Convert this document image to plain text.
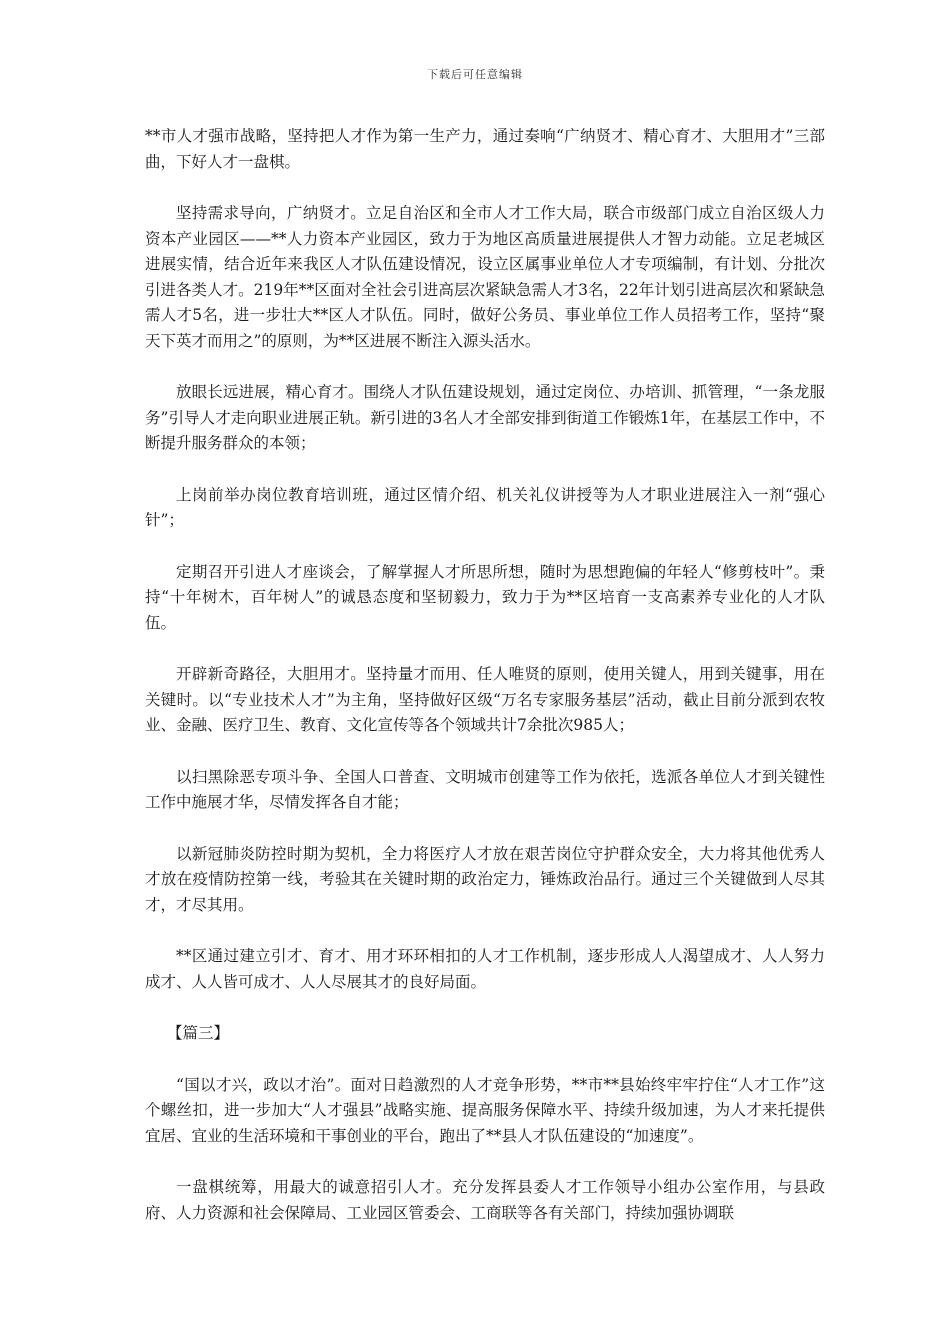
下载后可任意编辑

**市人才强市战略，坚持把人才作为第一生产力，通过奏响“广纳贤才、精心育才、大胆用才”三部曲，下好人才一盘棋。

坚持需求导向，广纳贤才。立足自治区和全市人才工作大局，联合市级部门成立自治区级人力资本产业园区——**人力资本产业园区，致力于为地区高质量进展提供人才智力动能。立足老城区进展实情，结合近年来我区人才队伍建设情况，设立区属事业单位人才专项编制，有计划、分批次引进各类人才。219年**区面对全社会引进高层次紧缺急需人才3名，22年计划引进高层次和紧缺急需人才5名，进一步壮大**区人才队伍。同时，做好公务员、事业单位工作人员招考工作，坚持“聚天下英才而用之”的原则，为**区进展不断注入源头活水。

放眼长远进展，精心育才。围绕人才队伍建设规划，通过定岗位、办培训、抓管理，“一条龙服务”引导人才走向职业进展正轨。新引进的3名人才全部安排到街道工作锻炼1年，在基层工作中，不断提升服务群众的本领；

上岗前举办岗位教育培训班，通过区情介绍、机关礼仪讲授等为人才职业进展注入一剂“强心针”；

定期召开引进人才座谈会，了解掌握人才所思所想，随时为思想跑偏的年轻人“修剪枝叶”。秉持“十年树木，百年树人”的诚恳态度和坚韧毅力，致力于为**区培育一支高素养专业化的人才队伍。

开辟新奇路径，大胆用才。坚持量才而用、任人唯贤的原则，使用关键人，用到关键事，用在关键时。以“专业技术人才”为主角，坚持做好区级“万名专家服务基层”活动，截止目前分派到农牧业、金融、医疗卫生、教育、文化宣传等各个领域共计7余批次985人；

以扫黑除恶专项斗争、全国人口普查、文明城市创建等工作为依托，选派各单位人才到关键性工作中施展才华，尽情发挥各自才能；

以新冠肺炎防控时期为契机，全力将医疗人才放在艰苦岗位守护群众安全，大力将其他优秀人才放在疫情防控第一线，考验其在关键时期的政治定力，锤炼政治品行。通过三个关键做到人尽其才，才尽其用。

**区通过建立引才、育才、用才环环相扣的人才工作机制，逐步形成人人渴望成才、人人努力成才、人人皆可成才、人人尽展其才的良好局面。

【篇三】

“国以才兴，政以才治”。面对日趋激烈的人才竞争形势，**市**县始终牢牢拧住“人才工作”这个螺丝扣，进一步加大“人才强县”战略实施、提高服务保障水平、持续升级加速，为人才来托提供宜居、宜业的生活环境和干事创业的平台，跑出了**县人才队伍建设的“加速度”。

一盘棋统筹，用最大的诚意招引人才。充分发挥县委人才工作领导小组办公室作用，与县政府、人力资源和社会保障局、工业园区管委会、工商联等各有关部门，持续加强协调联
